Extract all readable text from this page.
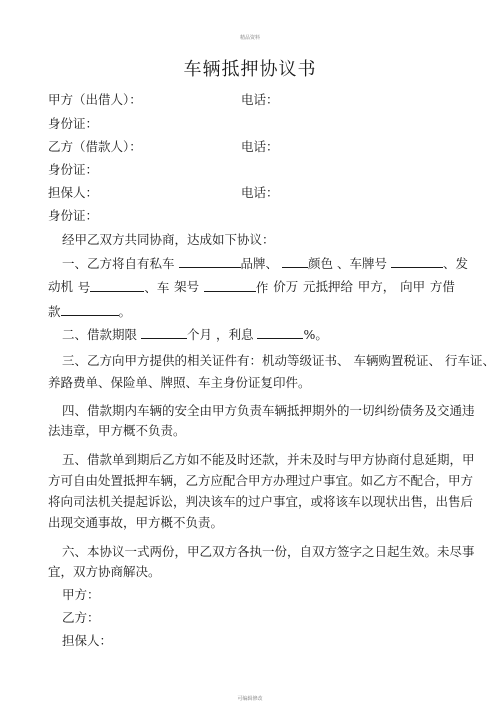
精品资料
车辆抵押协议书
甲方（出借人）：	电话：
身份证：
乙方（借款人）：	电话：
身份证：
担保人：	电话：
身份证：
经甲乙双方共同协商，达成如下协议：
一、乙方将自有私车	品牌、 颜色 、车牌号	、发
动机 号	、车 架号	作 价万 元抵押给 甲方， 向甲 方借
款	。
二、借款期限	个月 ，利息	%。
三、乙方向甲方提供的相关证件有：机动等级证书、 车辆购置税证、 行车证、
养路费单、保险单、牌照、车主身份证复印件。
四、借款期内车辆的安全由甲方负责车辆抵押期外的一切纠纷债务及交通违
法违章，甲方概不负责。
五、借款单到期后乙方如不能及时还款，并未及时与甲方协商付息延期，甲
方可自由处置抵押车辆，乙方应配合甲方办理过户事宜。如乙方不配合，甲方
将向司法机关提起诉讼，判决该车的过户事宜，或将该车以现状出售，出售后
出现交通事故，甲方概不负责。
六、本协议一式两份，甲乙双方各执一份，自双方签字之日起生效。未尽事
宜，双方协商解决。
甲方：
乙方：
担保人：
可编辑修改
